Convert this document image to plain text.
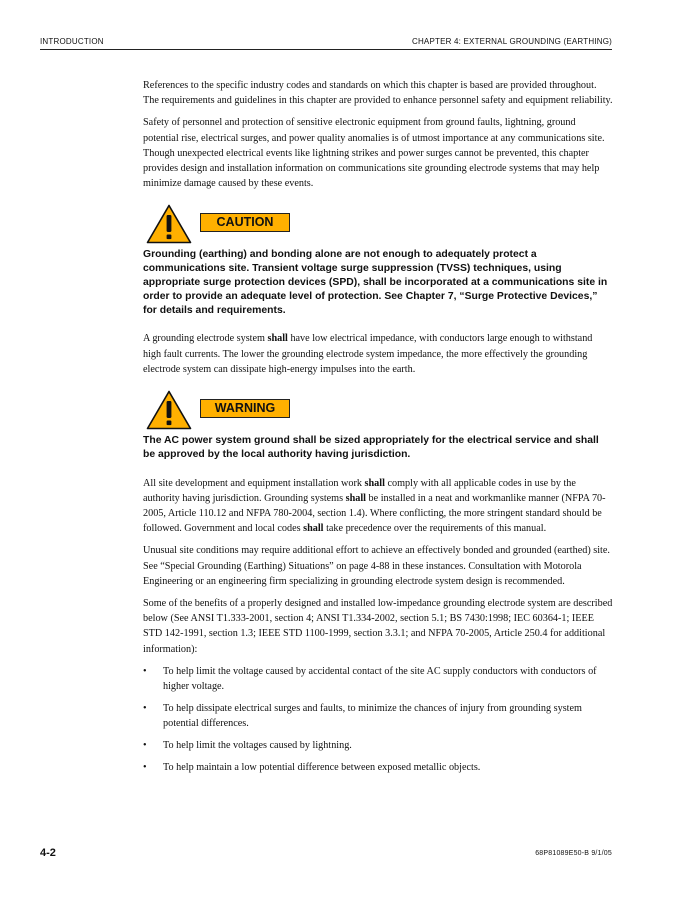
INTRODUCTION	CHAPTER 4: EXTERNAL GROUNDING (EARTHING)

References to the specific industry codes and standards on which this chapter is based are provided throughout. The requirements and guidelines in this chapter are provided to enhance personnel safety and equipment reliability.

Safety of personnel and protection of sensitive electronic equipment from ground faults, lightning, ground potential rise, electrical surges, and power quality anomalies is of utmost importance at any communications site. Though unexpected electrical events like lightning strikes and power surges cannot be prevented, this chapter provides design and installation information on communications site grounding electrode systems that may help minimize damage caused by these events.

CAUTION

Grounding (earthing) and bonding alone are not enough to adequately protect a communications site. Transient voltage surge suppression (TVSS) techniques, using appropriate surge protection devices (SPD), shall be incorporated at a communications site in order to provide an adequate level of protection. See Chapter 7, “Surge Protective Devices,” for details and requirements.

A grounding electrode system shall have low electrical impedance, with conductors large enough to withstand high fault currents. The lower the grounding electrode system impedance, the more effectively the grounding electrode system can dissipate high-energy impulses into the earth.

WARNING

The AC power system ground shall be sized appropriately for the electrical service and shall be approved by the local authority having jurisdiction.

All site development and equipment installation work shall comply with all applicable codes in use by the authority having jurisdiction. Grounding systems shall be installed in a neat and workmanlike manner (NFPA 70-2005, Article 110.12 and NFPA 780-2004, section 1.4). Where conflicting, the more stringent standard should be followed. Government and local codes shall take precedence over the requirements of this manual.

Unusual site conditions may require additional effort to achieve an effectively bonded and grounded (earthed) site. See “Special Grounding (Earthing) Situations” on page 4-88 in these instances. Consultation with Motorola Engineering or an engineering firm specializing in grounding electrode system design is recommended.

Some of the benefits of a properly designed and installed low-impedance grounding electrode system are described below (See ANSI T1.333-2001, section 4; ANSI T1.334-2002, section 5.1; BS 7430:1998; IEC 60364-1; IEEE STD 142-1991, section 1.3; IEEE STD 1100-1999, section 3.3.1; and NFPA 70-2005, Article 250.4 for additional information):

• To help limit the voltage caused by accidental contact of the site AC supply conductors with conductors of higher voltage.
• To help dissipate electrical surges and faults, to minimize the chances of injury from grounding system potential differences.
• To help limit the voltages caused by lightning.
• To help maintain a low potential difference between exposed metallic objects.
4-2	68P81089E50-B 9/1/05
